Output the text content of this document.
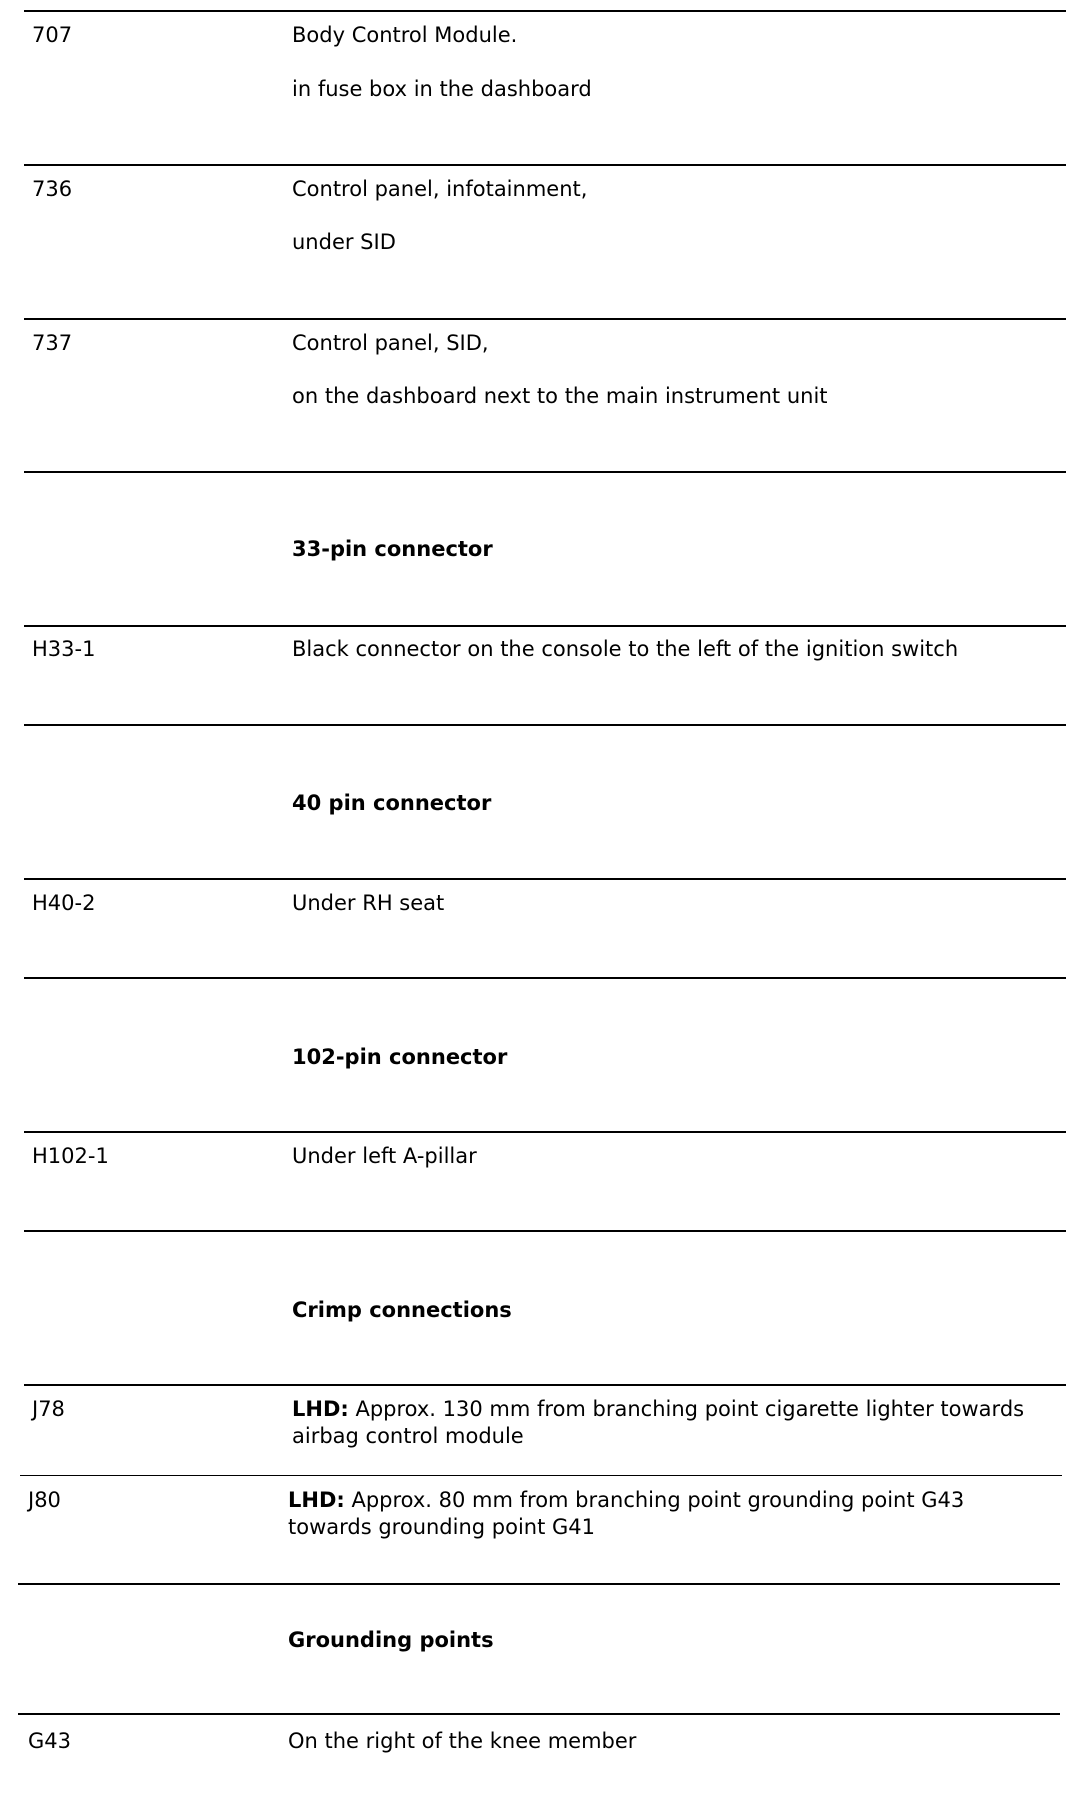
707	Body Control Module.
in fuse box in the dashboard
736	Control panel, infotainment,
under SID
737	Control panel, SID,
on the dashboard next to the main instrument unit
33-pin connector
H33-1	Black connector on the console to the left of the ignition switch
40 pin connector
H40-2	Under RH seat
102-pin connector
H102-1	Under left A-pillar
Crimp connections
J78	LHD: Approx. 130 mm from branching point cigarette lighter towards airbag control module
J80	LHD: Approx. 80 mm from branching point grounding point G43 towards grounding point G41
Grounding points
G43	On the right of the knee member
